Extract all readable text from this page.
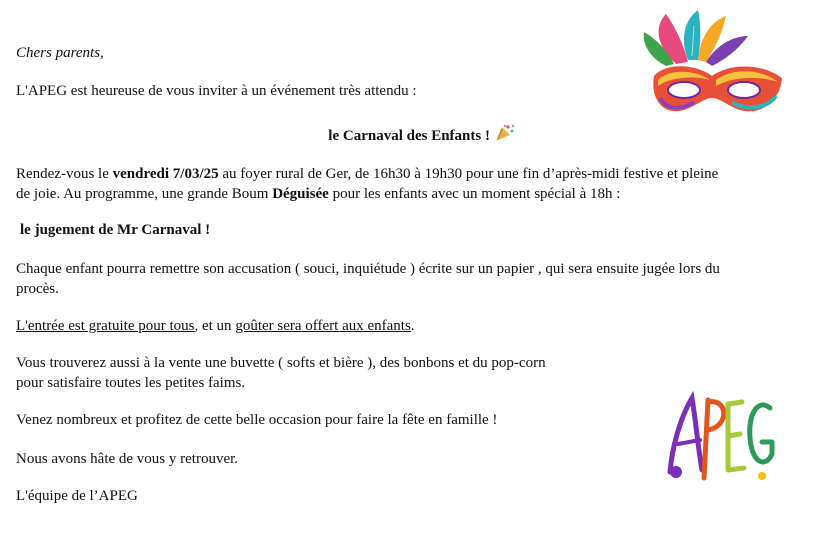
Chers parents,
L'APEG est heureuse de vous inviter à un événement très attendu :
le Carnaval des Enfants !
Rendez-vous le vendredi 7/03/25 au foyer rural de Ger, de 16h30 à 19h30 pour une fin d’après-midi festive et pleine
de joie. Au programme, une grande Boum Déguisée pour les enfants avec un moment spécial à 18h :
le jugement de Mr Carnaval !
Chaque enfant pourra remettre son accusation ( souci, inquiétude ) écrite sur un papier , qui sera ensuite jugée lors du
procès.
L'entrée est gratuite pour tous, et un goûter sera offert aux enfants.
Vous trouverez aussi à la vente une buvette ( softs et bière ), des bonbons et du pop-corn
pour satisfaire toutes les petites faims.
Venez nombreux et profitez de cette belle occasion pour faire la fête en famille !
Nous avons hâte de vous y retrouver.
L'équipe de l’APEG
